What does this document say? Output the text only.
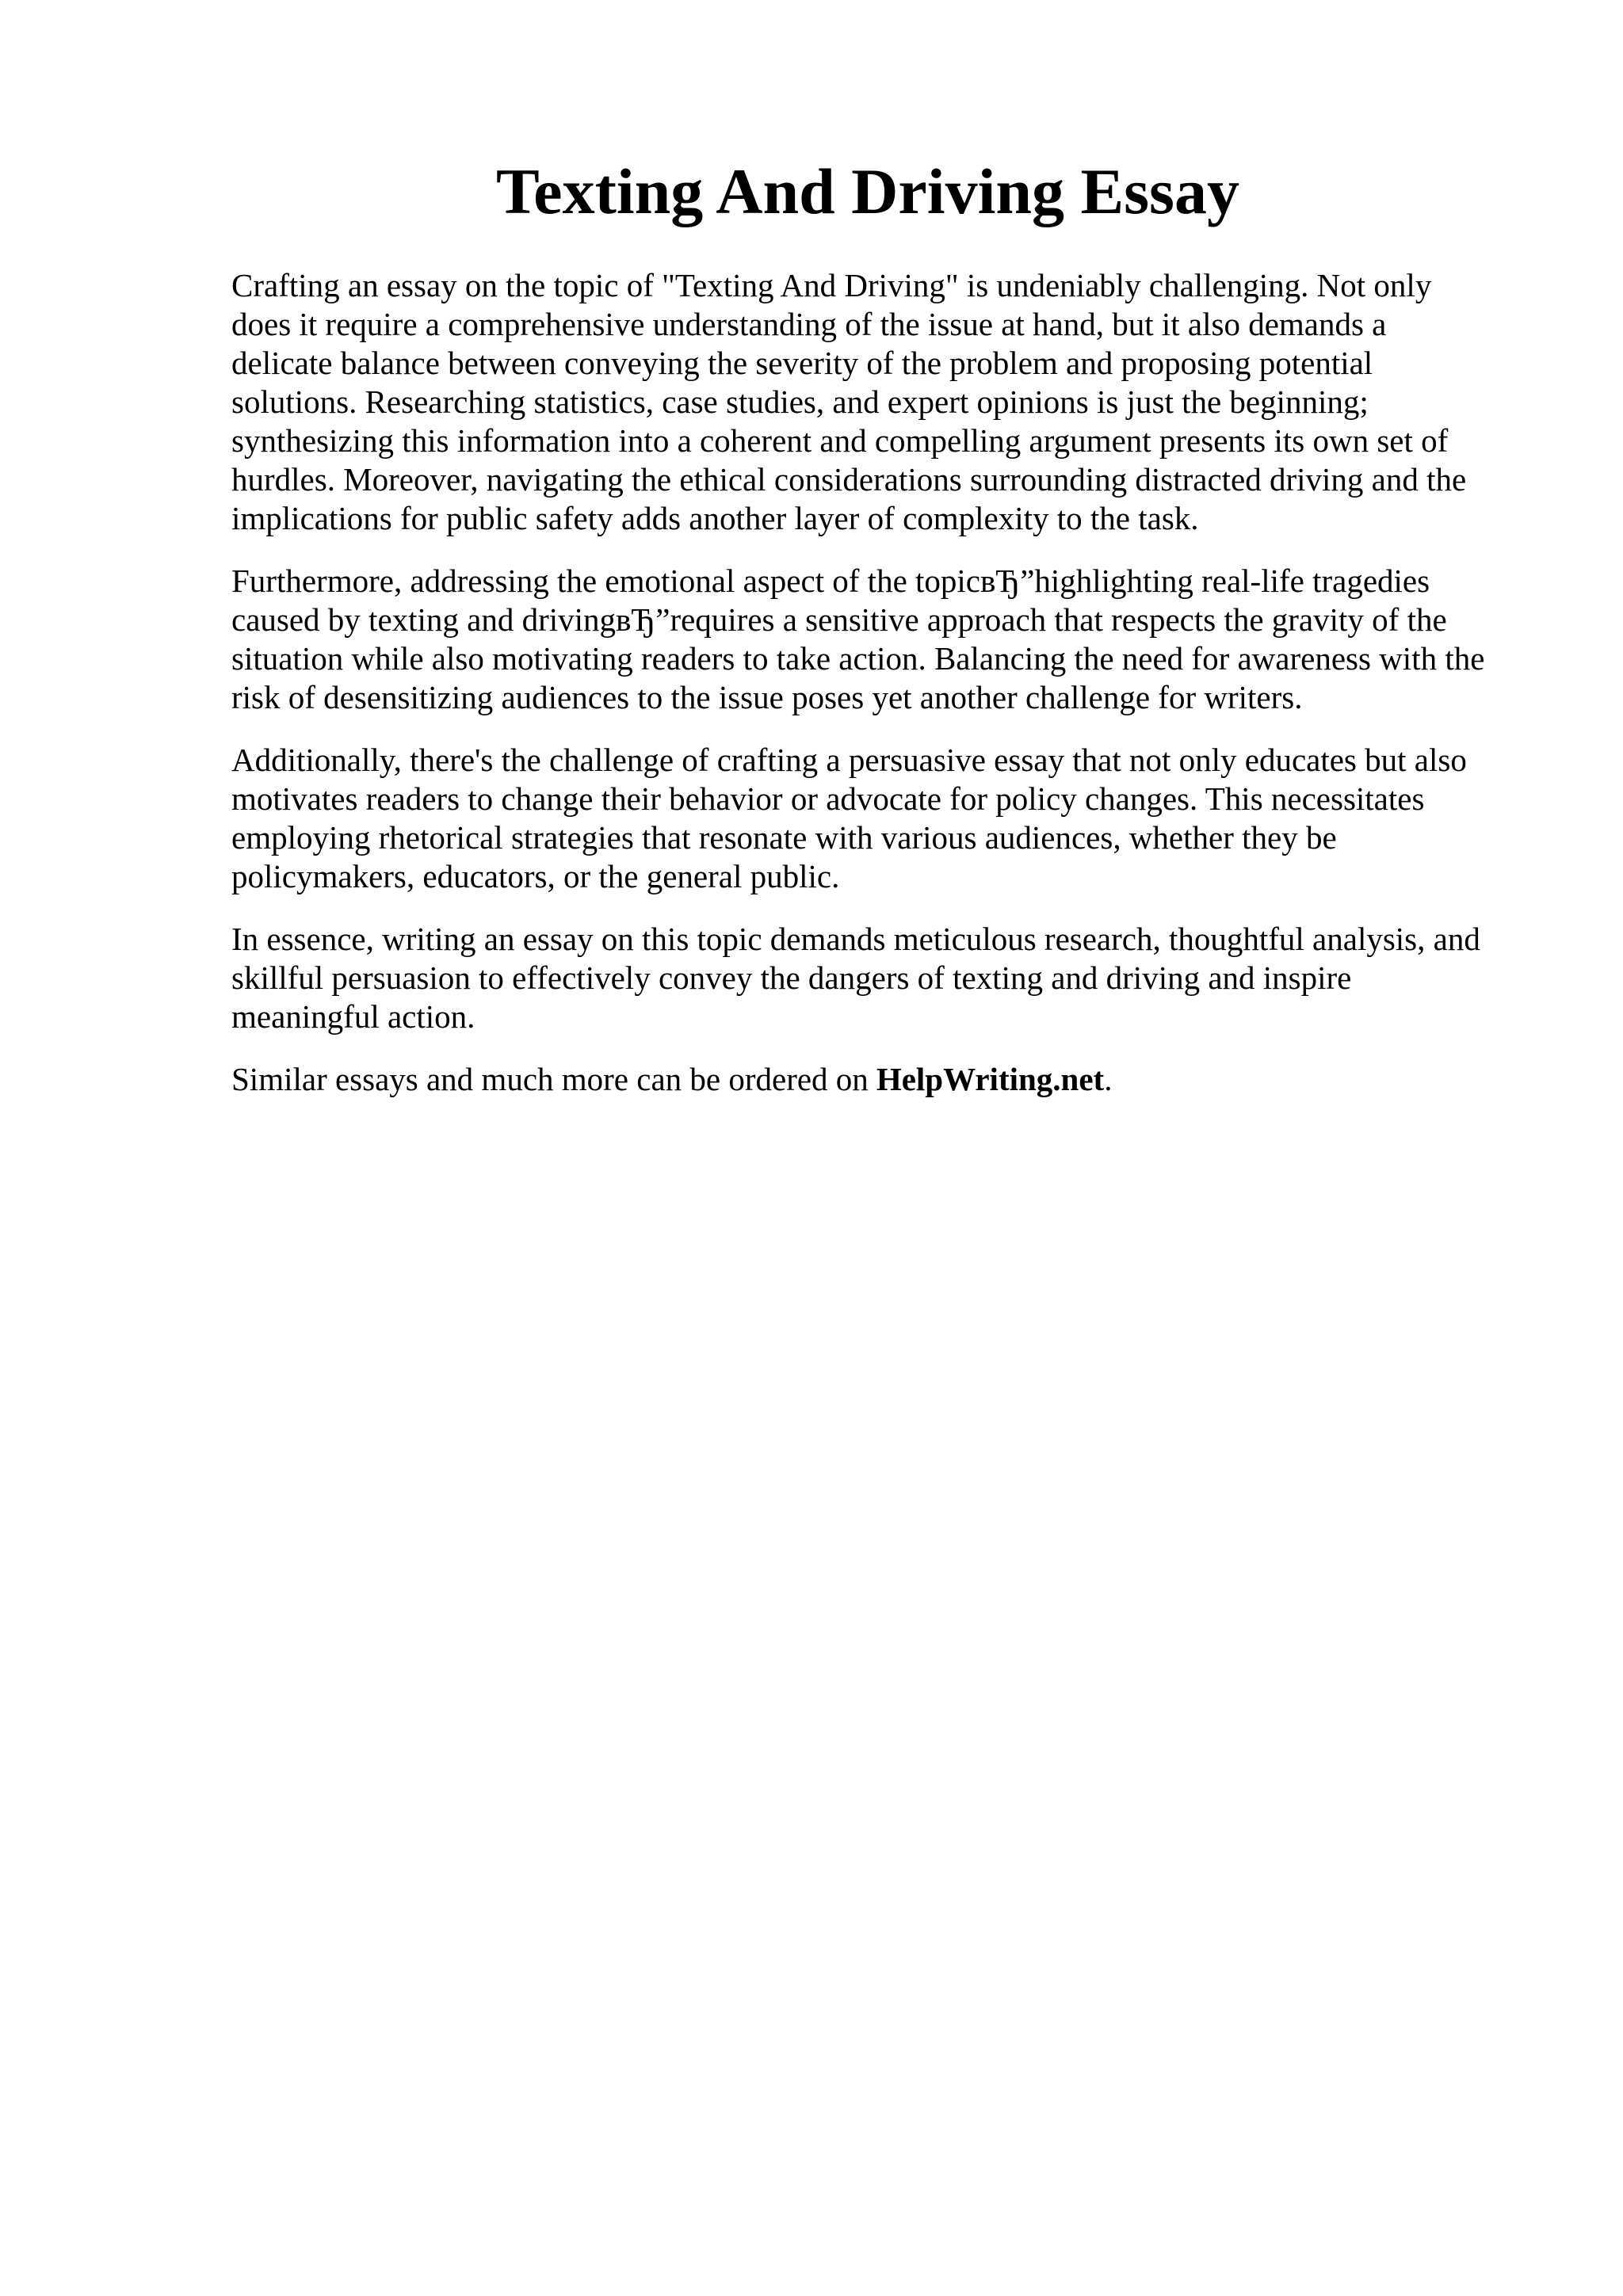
Texting And Driving Essay

Crafting an essay on the topic of "Texting And Driving" is undeniably challenging. Not only
does it require a comprehensive understanding of the issue at hand, but it also demands a
delicate balance between conveying the severity of the problem and proposing potential
solutions. Researching statistics, case studies, and expert opinions is just the beginning;
synthesizing this information into a coherent and compelling argument presents its own set of
hurdles. Moreover, navigating the ethical considerations surrounding distracted driving and the
implications for public safety adds another layer of complexity to the task.

Furthermore, addressing the emotional aspect of the topicвЂ”highlighting real-life tragedies
caused by texting and drivingвЂ”requires a sensitive approach that respects the gravity of the
situation while also motivating readers to take action. Balancing the need for awareness with the
risk of desensitizing audiences to the issue poses yet another challenge for writers.

Additionally, there's the challenge of crafting a persuasive essay that not only educates but also
motivates readers to change their behavior or advocate for policy changes. This necessitates
employing rhetorical strategies that resonate with various audiences, whether they be
policymakers, educators, or the general public.

In essence, writing an essay on this topic demands meticulous research, thoughtful analysis, and
skillful persuasion to effectively convey the dangers of texting and driving and inspire
meaningful action.

Similar essays and much more can be ordered on HelpWriting.net.
